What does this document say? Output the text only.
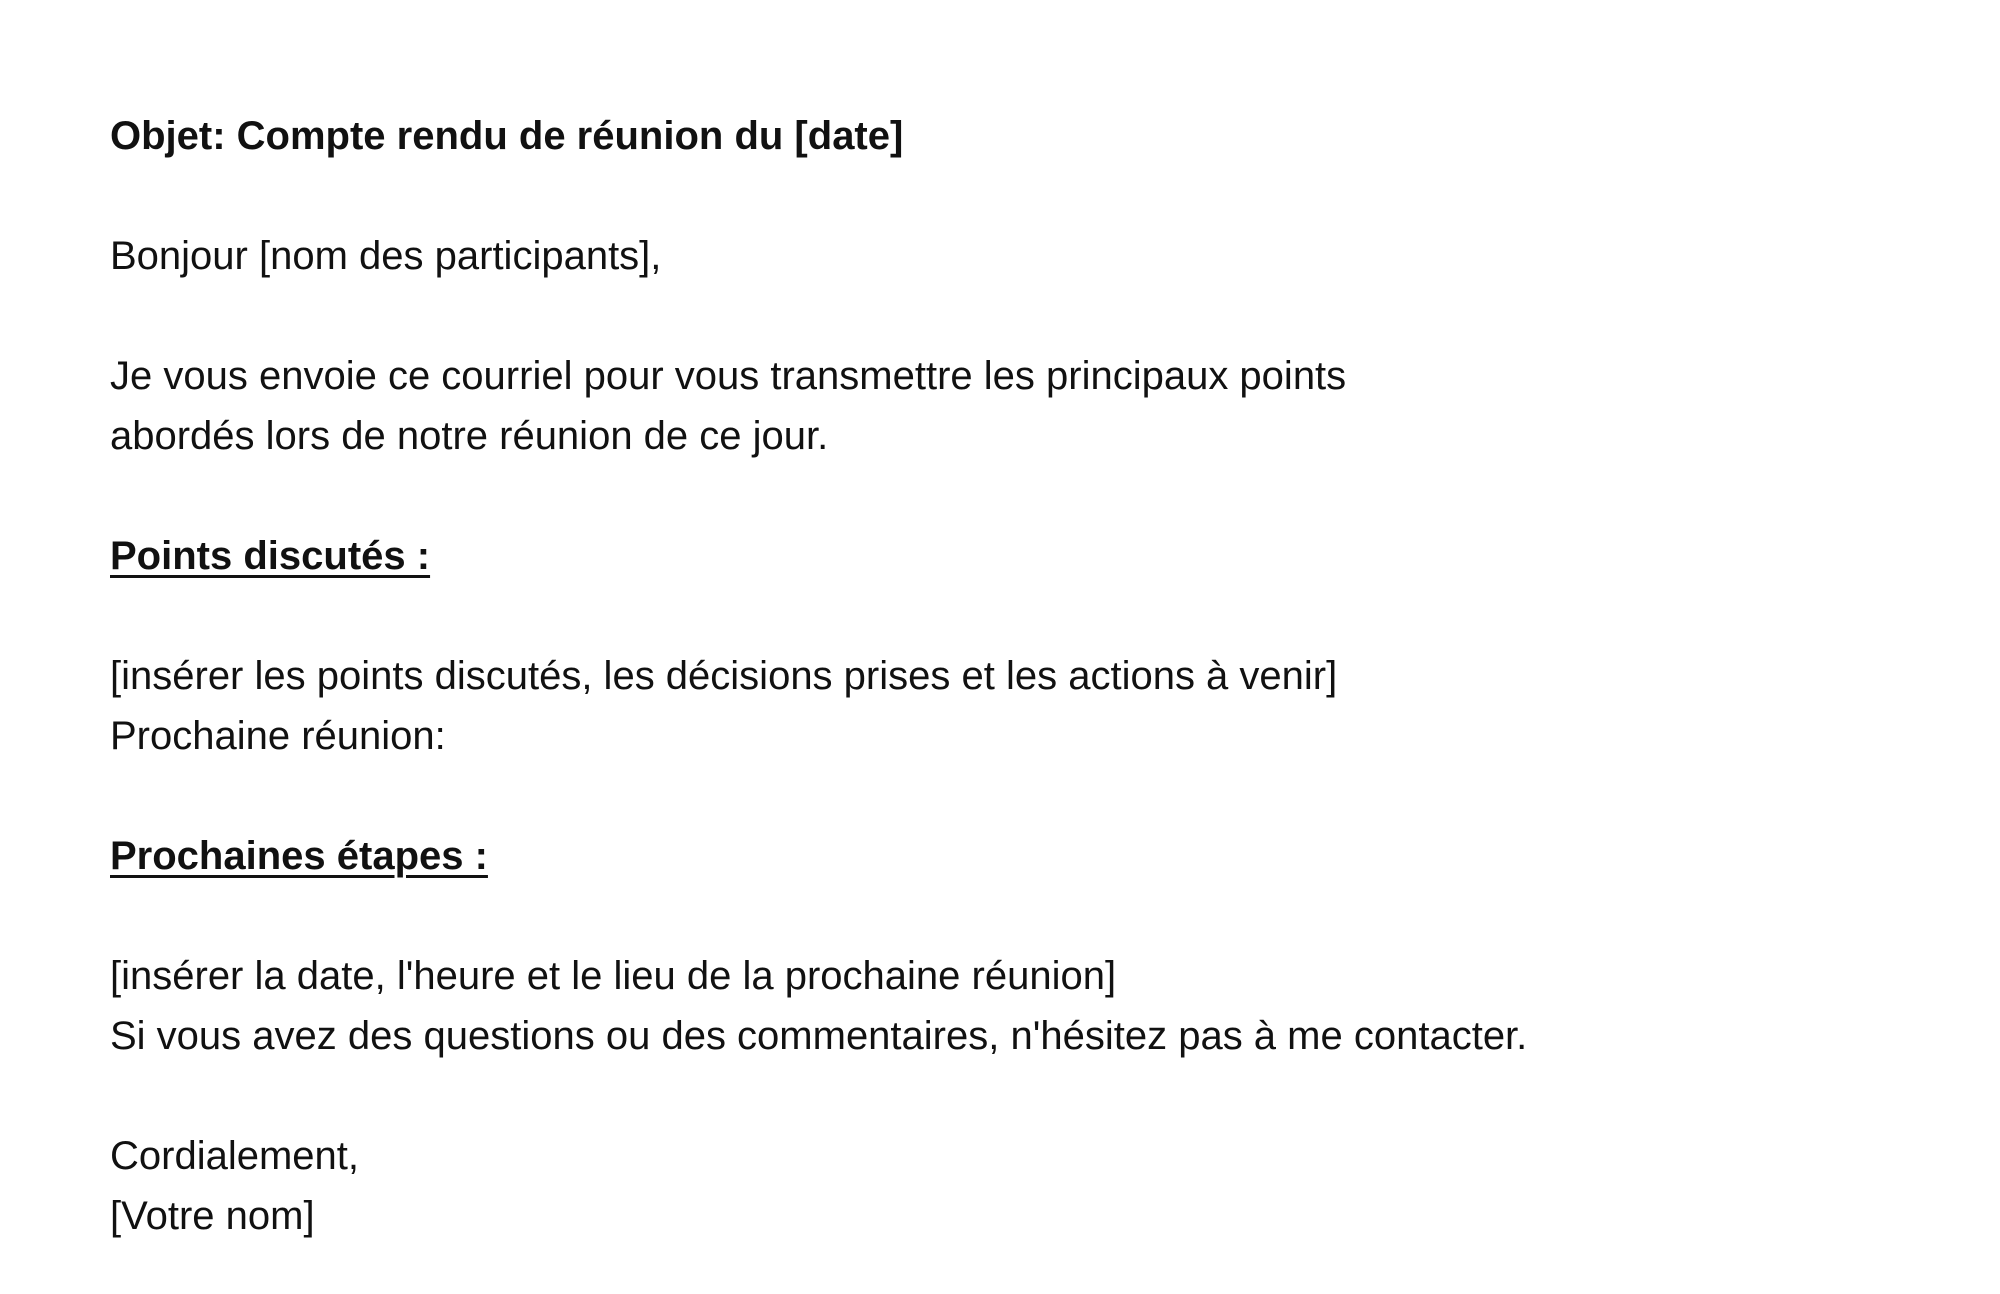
Objet: Compte rendu de réunion du [date]
Bonjour [nom des participants],
Je vous envoie ce courriel pour vous transmettre les principaux points
abordés lors de notre réunion de ce jour.
Points discutés :
[insérer les points discutés, les décisions prises et les actions à venir]
Prochaine réunion:
Prochaines étapes :
[insérer la date, l'heure et le lieu de la prochaine réunion]
Si vous avez des questions ou des commentaires, n'hésitez pas à me contacter.
Cordialement,
[Votre nom]
